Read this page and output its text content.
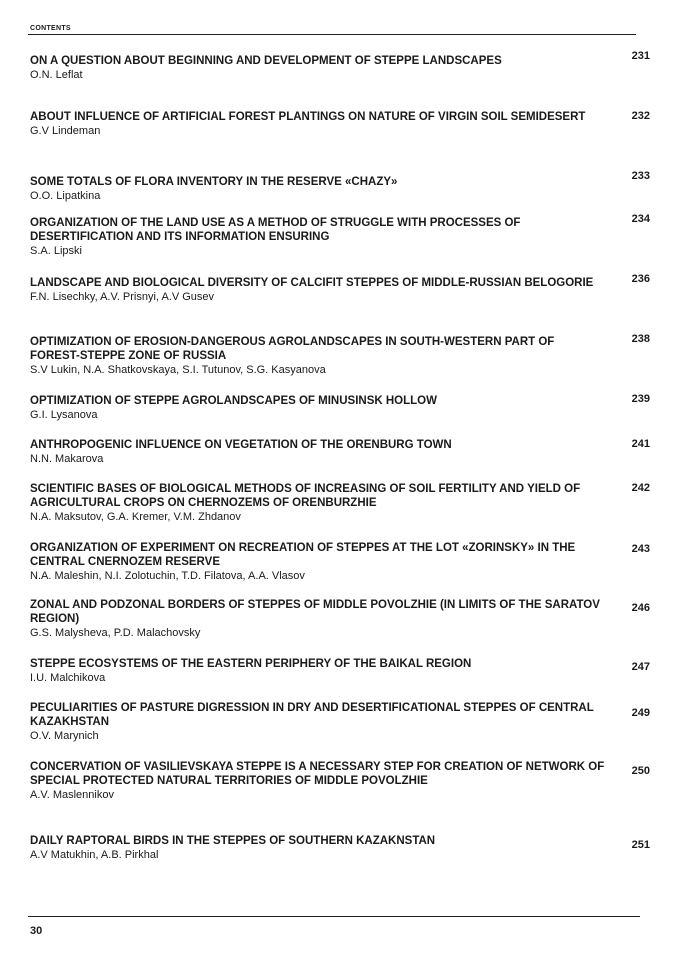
CONTENTS
231
ON A QUESTION ABOUT BEGINNING AND DEVELOPMENT OF STEPPE LANDSCAPES
O.N. Leflat
232
ABOUT INFLUENCE OF ARTIFICIAL FOREST PLANTINGS ON NATURE OF VIRGIN SOIL SEMIDESERT
G.V Lindeman
233
SOME TOTALS OF FLORA INVENTORY IN THE RESERVE «CHAZY»
O.O. Lipatkina
234
ORGANIZATION OF THE LAND USE AS A METHOD OF STRUGGLE WITH PROCESSES OF DESERTIFICATION AND ITS INFORMATION ENSURING
S.A. Lipski
236
LANDSCAPE AND BIOLOGICAL DIVERSITY OF CALCIFIT STEPPES OF MIDDLE-RUSSIAN BELOGORIE
F.N. Lisechky, A.V. Prisnyi, A.V Gusev
238
OPTIMIZATION OF EROSION-DANGEROUS AGROLANDSCAPES IN SOUTH-WESTERN PART OF FOREST-STEPPE ZONE OF RUSSIA
S.V Lukin, N.A. Shatkovskaya, S.I. Tutunov, S.G. Kasyanova
239
OPTIMIZATION OF STEPPE AGROLANDSCAPES OF MINUSINSK HOLLOW
G.I. Lysanova
241
ANTHROPOGENIC INFLUENCE ON VEGETATION OF THE ORENBURG TOWN
N.N. Makarova
242
SCIENTIFIC BASES OF BIOLOGICAL METHODS OF INCREASING OF SOIL FERTILITY AND YIELD OF AGRICULTURAL CROPS ON CHERNOZEMS OF ORENBURZHIE
N.A. Maksutov, G.A. Kremer, V.M. Zhdanov
243
ORGANIZATION OF EXPERIMENT ON RECREATION OF STEPPES AT THE LOT «ZORINSKY» IN THE CENTRAL CNERNOZEM RESERVE
N.A. Maleshin, N.I. Zolotuchin, T.D. Filatova, A.A. Vlasov
246
ZONAL AND PODZONAL BORDERS OF STEPPES OF MIDDLE POVOLZHIE (IN LIMITS OF THE SARATOV REGION)
G.S. Malysheva, P.D. Malachovsky
247
STEPPE ECOSYSTEMS OF THE EASTERN PERIPHERY OF THE BAIKAL REGION
I.U. Malchikova
249
PECULIARITIES OF PASTURE DIGRESSION IN DRY AND DESERTIFICATIONAL STEPPES OF CENTRAL KAZAKHSTAN
O.V. Marynich
250
CONCERVATION OF VASILIEVSKAYA STEPPE IS A NECESSARY STEP FOR CREATION OF NETWORK OF SPECIAL PROTECTED NATURAL TERRITORIES OF MIDDLE POVOLZHIE
A.V. Maslennikov
251
DAILY RAPTORAL BIRDS IN THE STEPPES OF SOUTHERN KAZAKNSTAN
A.V Matukhin, A.B. Pirkhal
30
